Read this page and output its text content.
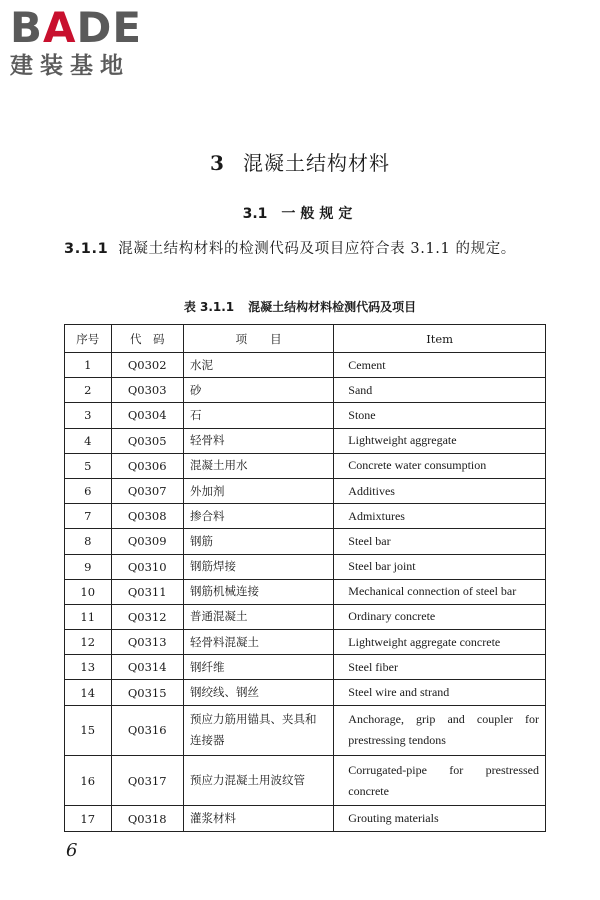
BADE
建装基地
3 混凝土结构材料
3.1 一般规定
3.1.1 混凝土结构材料的检测代码及项目应符合表 3.1.1 的规定。
表 3.1.1 混凝土结构材料检测代码及项目
序号	代　码	项　　目	Item
1	Q0302	水泥	Cement
2	Q0303	砂	Sand
3	Q0304	石	Stone
4	Q0305	轻骨料	Lightweight aggregate
5	Q0306	混凝土用水	Concrete water consumption
6	Q0307	外加剂	Additives
7	Q0308	掺合料	Admixtures
8	Q0309	钢筋	Steel bar
9	Q0310	钢筋焊接	Steel bar joint
10	Q0311	钢筋机械连接	Mechanical connection of steel bar
11	Q0312	普通混凝土	Ordinary concrete
12	Q0313	轻骨料混凝土	Lightweight aggregate concrete
13	Q0314	钢纤维	Steel fiber
14	Q0315	钢绞线、钢丝	Steel wire and strand
15	Q0316	预应力筋用锚具、夹具和连接器	Anchorage, grip and coupler for prestressing tendons
16	Q0317	预应力混凝土用波纹管	Corrugated-pipe for prestressed concrete
17	Q0318	灌浆材料	Grouting materials
6
